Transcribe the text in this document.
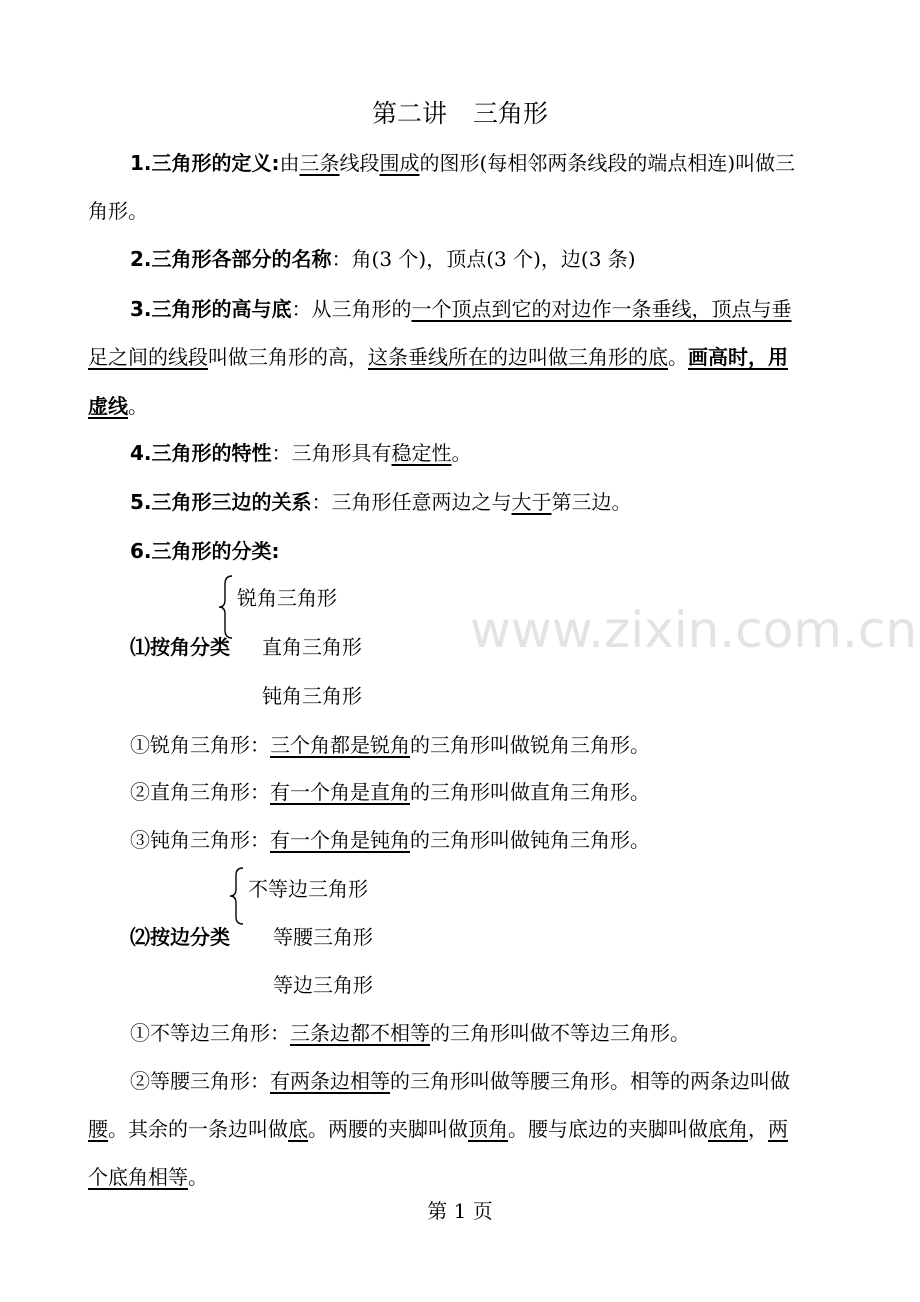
第二讲 三角形
www.zixin.com.cn
1.三角形的定义:由三条线段围成的图形(每相邻两条线段的端点相连)叫做三
角形。
2.三角形各部分的名称：角(3 个)，顶点(3 个)，边(3 条)
3.三角形的高与底：从三角形的一个顶点到它的对边作一条垂线，顶点与垂
足之间的线段叫做三角形的高，这条垂线所在的边叫做三角形的底。画高时，用
虚线。
4.三角形的特性：三角形具有稳定性。
5.三角形三边的关系：三角形任意两边之与大于第三边。
6.三角形的分类:
锐角三角形
⑴按角分类 直角三角形
钝角三角形
①锐角三角形：三个角都是锐角的三角形叫做锐角三角形。
②直角三角形：有一个角是直角的三角形叫做直角三角形。
③钝角三角形：有一个角是钝角的三角形叫做钝角三角形。
不等边三角形
⑵按边分类 等腰三角形
等边三角形
①不等边三角形：三条边都不相等的三角形叫做不等边三角形。
②等腰三角形：有两条边相等的三角形叫做等腰三角形。相等的两条边叫做
腰。其余的一条边叫做底。两腰的夹脚叫做顶角。腰与底边的夹脚叫做底角，两
个底角相等。
第 1 页
